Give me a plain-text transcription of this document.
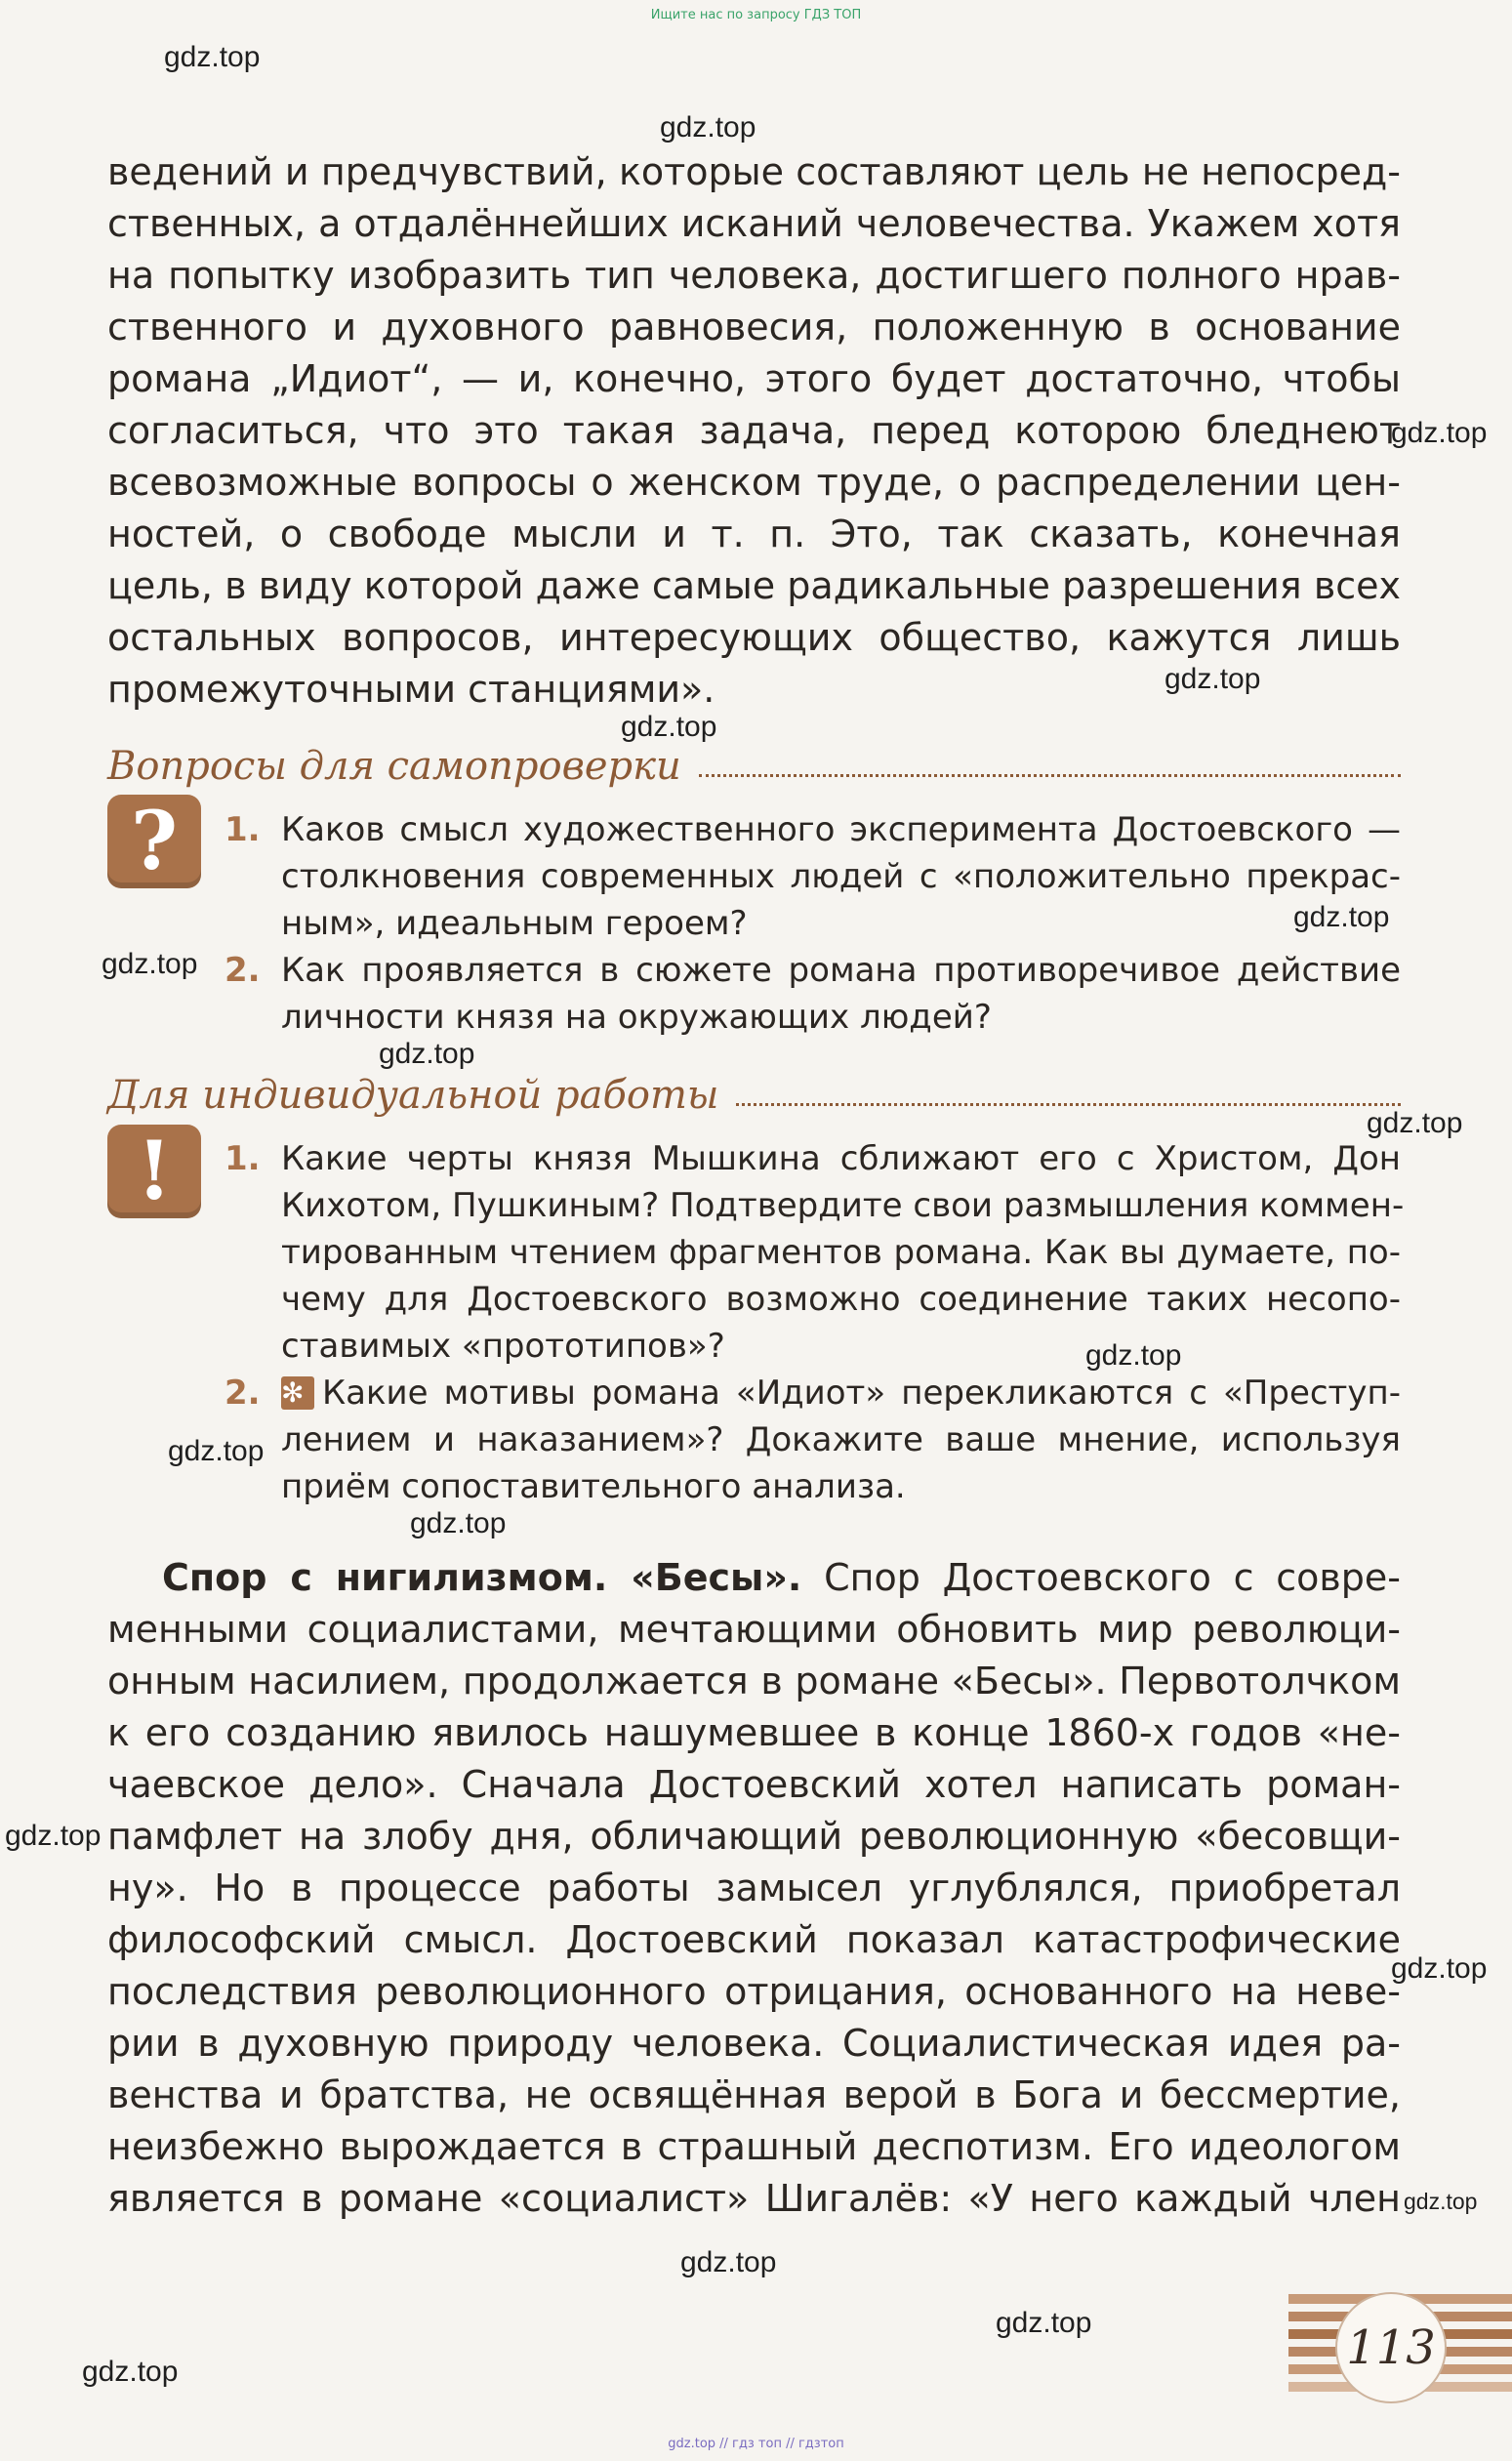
Ищите нас по запросу ГДЗ ТОП
gdz.top
gdz.top
gdz.top
gdz.top
gdz.top
gdz.top
gdz.top
gdz.top
gdz.top
gdz.top
gdz.top
gdz.top
gdz.top
gdz.top
gdz.top
gdz.top
gdz.top
gdz.top
ведений и предчувствий, которые составляют цель не непосред-
ственных, а отдалённейших исканий человечества. Укажем хотя
на попытку изобразить тип человека, достигшего полного нрав-
ственного и духовного равновесия, положенную в основание
романа „Идиот“, — и, конечно, этого будет достаточно, чтобы
согласиться, что это такая задача, перед которою бледнеют
всевозможные вопросы о женском труде, о распределении цен-
ностей, о свободе мысли и т. п. Это, так сказать, конечная
цель, в виду которой даже самые радикальные разрешения всех
остальных вопросов, интересующих общество, кажутся лишь
промежуточными станциями».
Вопросы для самопроверки
?	1. Каков смысл художественного эксперимента Достоевского —
столкновения современных людей с «положительно прекрас-
ным», идеальным героем?
2. Как проявляется в сюжете романа противоречивое действие
личности князя на окружающих людей?
Для индивидуальной работы
!	1. Какие черты князя Мышкина сближают его с Христом, Дон
Кихотом, Пушкиным? Подтвердите свои размышления коммен-
тированным чтением фрагментов романа. Как вы думаете, по-
чему для Достоевского возможно соединение таких несопо-
ставимых «прототипов»?
2. ✻ Какие мотивы романа «Идиот» перекликаются с «Преступ-
лением и наказанием»? Докажите ваше мнение, используя
приём сопоставительного анализа.
Спор с нигилизмом. «Бесы». Спор Достоевского с совре-
менными социалистами, мечтающими обновить мир революци-
онным насилием, продолжается в романе «Бесы». Первотолчком
к его созданию явилось нашумевшее в конце 1860-х годов «не-
чаевское дело». Сначала Достоевский хотел написать роман-
памфлет на злобу дня, обличающий революционную «бесовщи-
ну». Но в процессе работы замысел углублялся, приобретал
философский смысл. Достоевский показал катастрофические
последствия революционного отрицания, основанного на неве-
рии в духовную природу человека. Социалистическая идея ра-
венства и братства, не освящённая верой в Бога и бессмертие,
неизбежно вырождается в страшный деспотизм. Его идеологом
является в романе «социалист» Шигалёв: «У него каждый член
113
gdz.top // гдз топ // гдзтоп
